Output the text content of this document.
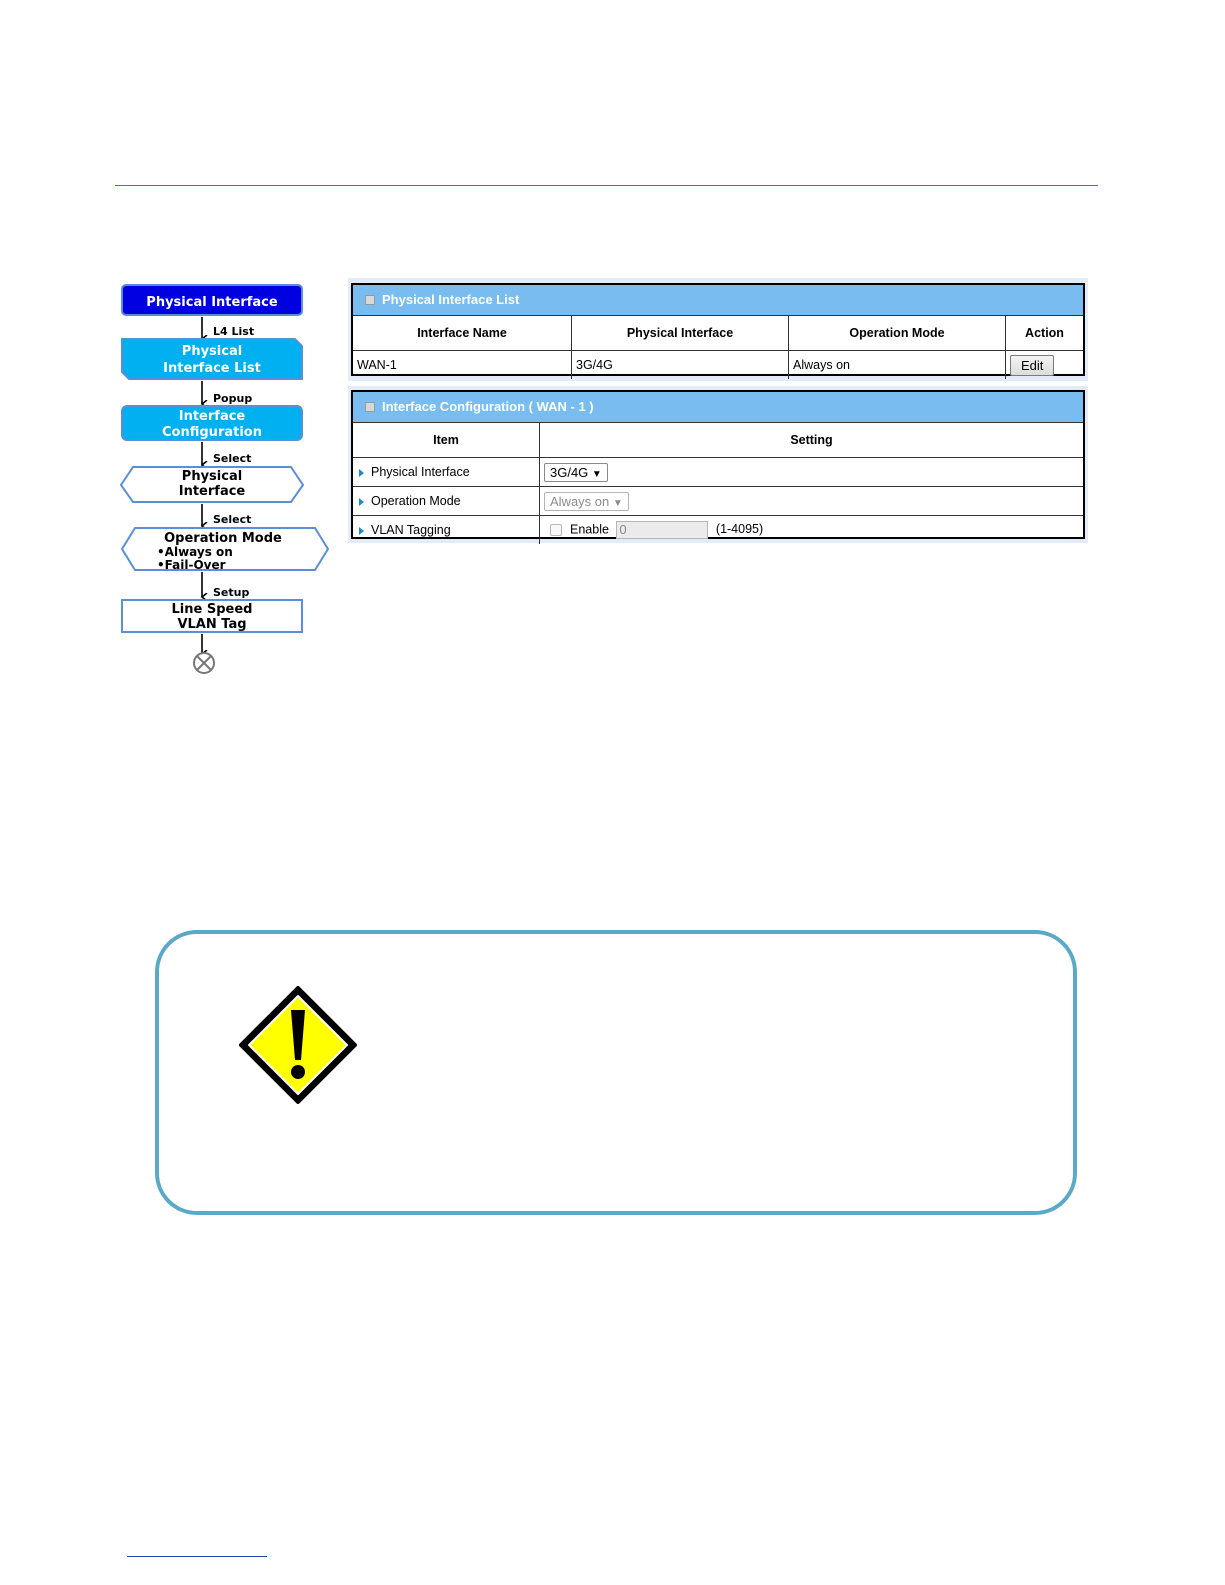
Physical Interface
L4 List
Physical
Interface List
Popup
Interface
Configuration
Select
Physical
Interface
Select
Operation Mode
•Always on
•Fail-Over
Setup
Line Speed
VLAN Tag
Physical Interface List
Interface Name	Physical Interface	Operation Mode	Action
WAN-1	3G/4G	Always on	Edit
Interface Configuration ( WAN - 1 )
Item	Setting
Physical Interface	3G/4G ▼
Operation Mode	Always on ▼
VLAN Tagging	Enable 0 (1-4095)
